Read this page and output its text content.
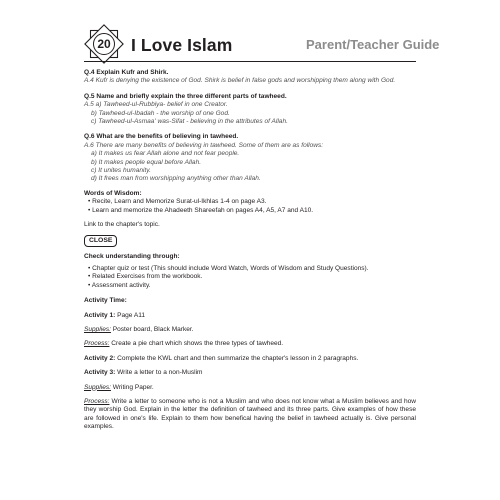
20	I Love Islam	Parent/Teacher Guide
Q.4 Explain Kufr and Shirk.
A.4 Kufr is denying the existence of God. Shirk is belief in false gods and worshipping them along with God.
Q.5 Name and briefly explain the three different parts of tawheed.
A.5 a) Tawheed-ul-Rubbiya- belief in one Creator.
b) Tawheed-ul-Ibadah - the worship of one God.
c) Tawheed-ul-Asmaa' was-Sifat - believing in the attributes of Allah.
Q.6 What are the benefits of believing in tawheed.
A.6 There are many benefits of believing in tawheed. Some of them are as follows:
a) It makes us fear Allah alone and not fear people.
b) It makes people equal before Allah.
c) It unites humanity.
d) It frees man from worshipping anything other than Allah.
Words of Wisdom:
• Recite, Learn and Memorize Surat-ul-Ikhlas 1-4 on page A3.
• Learn and memorize the Ahadeeth Shareefah on pages A4, A5, A7 and A10.
Link to the chapter's topic.
CLOSE
Check understanding through:
• Chapter quiz or test (This should include Word Watch, Words of Wisdom and Study Questions).
• Related Exercises from the workbook.
• Assessment activity.
Activity Time:
Activity 1: Page A11
Supplies: Poster board, Black Marker.
Process: Create a pie chart which shows the three types of tawheed.
Activity 2: Complete the KWL chart and then summarize the chapter's lesson in 2 paragraphs.
Activity 3: Write a letter to a non-Muslim
Supplies: Writing Paper.
Process: Write a letter to someone who is not a Muslim and who does not know what a Muslim believes and how they worship God. Explain in the letter the definition of tawheed and its three parts. Give examples of how these are followed in one's life. Explain to them how benefical having the belief in tawheed actually is. Give personal examples.
